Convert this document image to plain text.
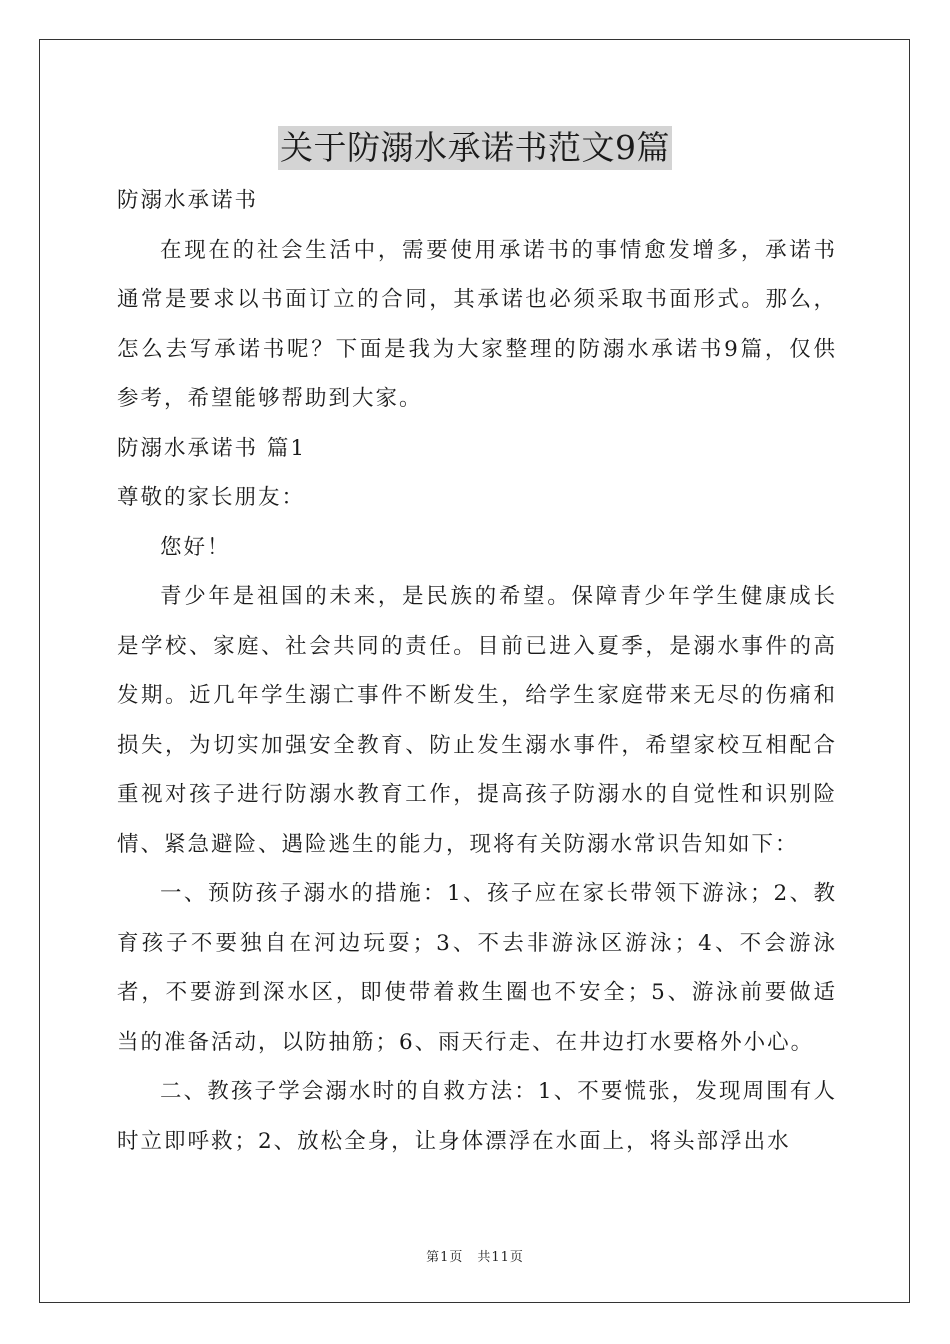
关于防溺水承诺书范文9篇

防溺水承诺书

在现在的社会生活中，需要使用承诺书的事情愈发增多，承诺书通常是要求以书面订立的合同，其承诺也必须采取书面形式。那么，怎么去写承诺书呢？下面是我为大家整理的防溺水承诺书9篇，仅供参考，希望能够帮助到大家。

防溺水承诺书 篇1

尊敬的家长朋友：

您好！

青少年是祖国的未来，是民族的希望。保障青少年学生健康成长是学校、家庭、社会共同的责任。目前已进入夏季，是溺水事件的高发期。近几年学生溺亡事件不断发生，给学生家庭带来无尽的伤痛和损失，为切实加强安全教育、防止发生溺水事件，希望家校互相配合重视对孩子进行防溺水教育工作，提高孩子防溺水的自觉性和识别险情、紧急避险、遇险逃生的能力，现将有关防溺水常识告知如下：

一、预防孩子溺水的措施：1、孩子应在家长带领下游泳；2、教育孩子不要独自在河边玩耍；3、不去非游泳区游泳；4、不会游泳者，不要游到深水区，即使带着救生圈也不安全；5、游泳前要做适当的准备活动，以防抽筋；6、雨天行走、在井边打水要格外小心。

二、教孩子学会溺水时的自救方法：1、不要慌张，发现周围有人时立即呼救；2、放松全身，让身体漂浮在水面上，将头部浮出水

第1页 共11页
